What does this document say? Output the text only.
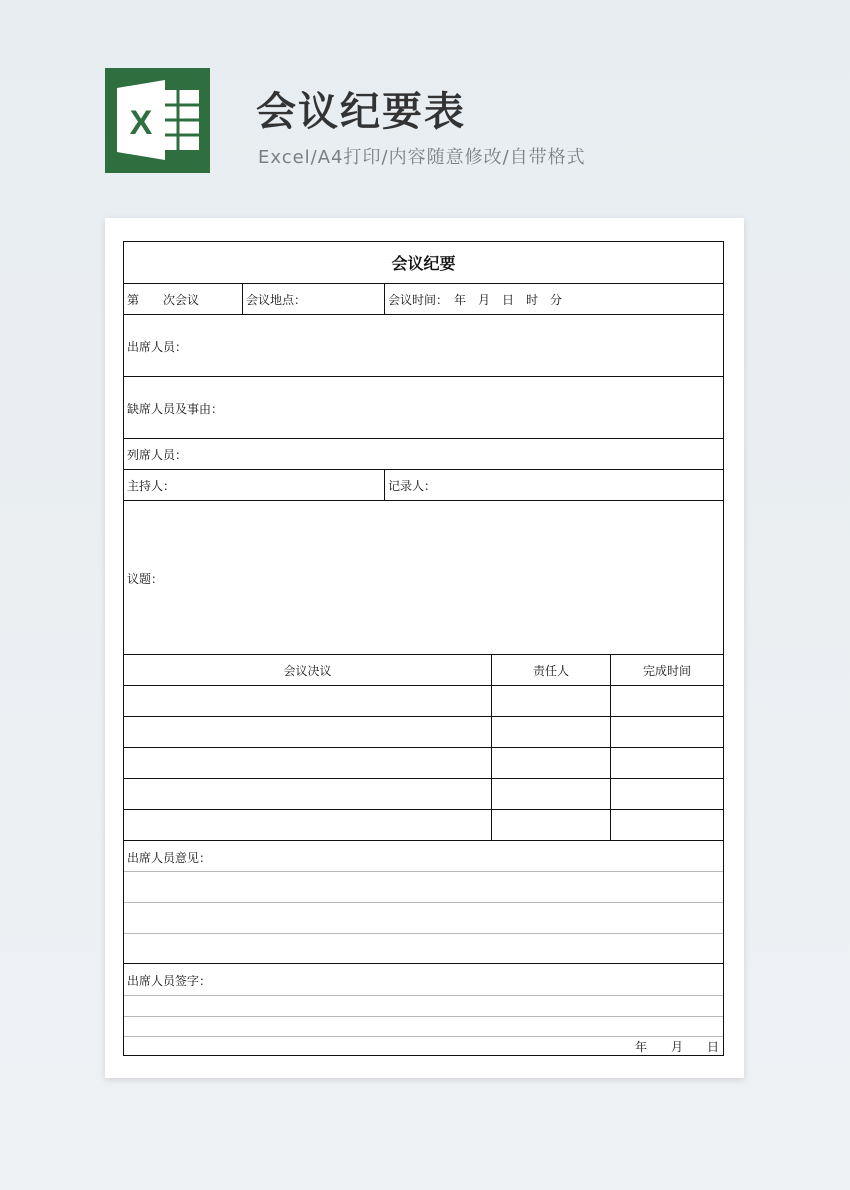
X	会议纪要表
Excel/A4打印/内容随意修改/自带格式
会议纪要
第　　次会议	会议地点：	会议时间：　年　月　日　时　分
出席人员：
缺席人员及事由：
列席人员：
主持人：	记录人：
议题：
会议决议	责任人	完成时间
出席人员意见：
出席人员签字：
年　　月　　日
